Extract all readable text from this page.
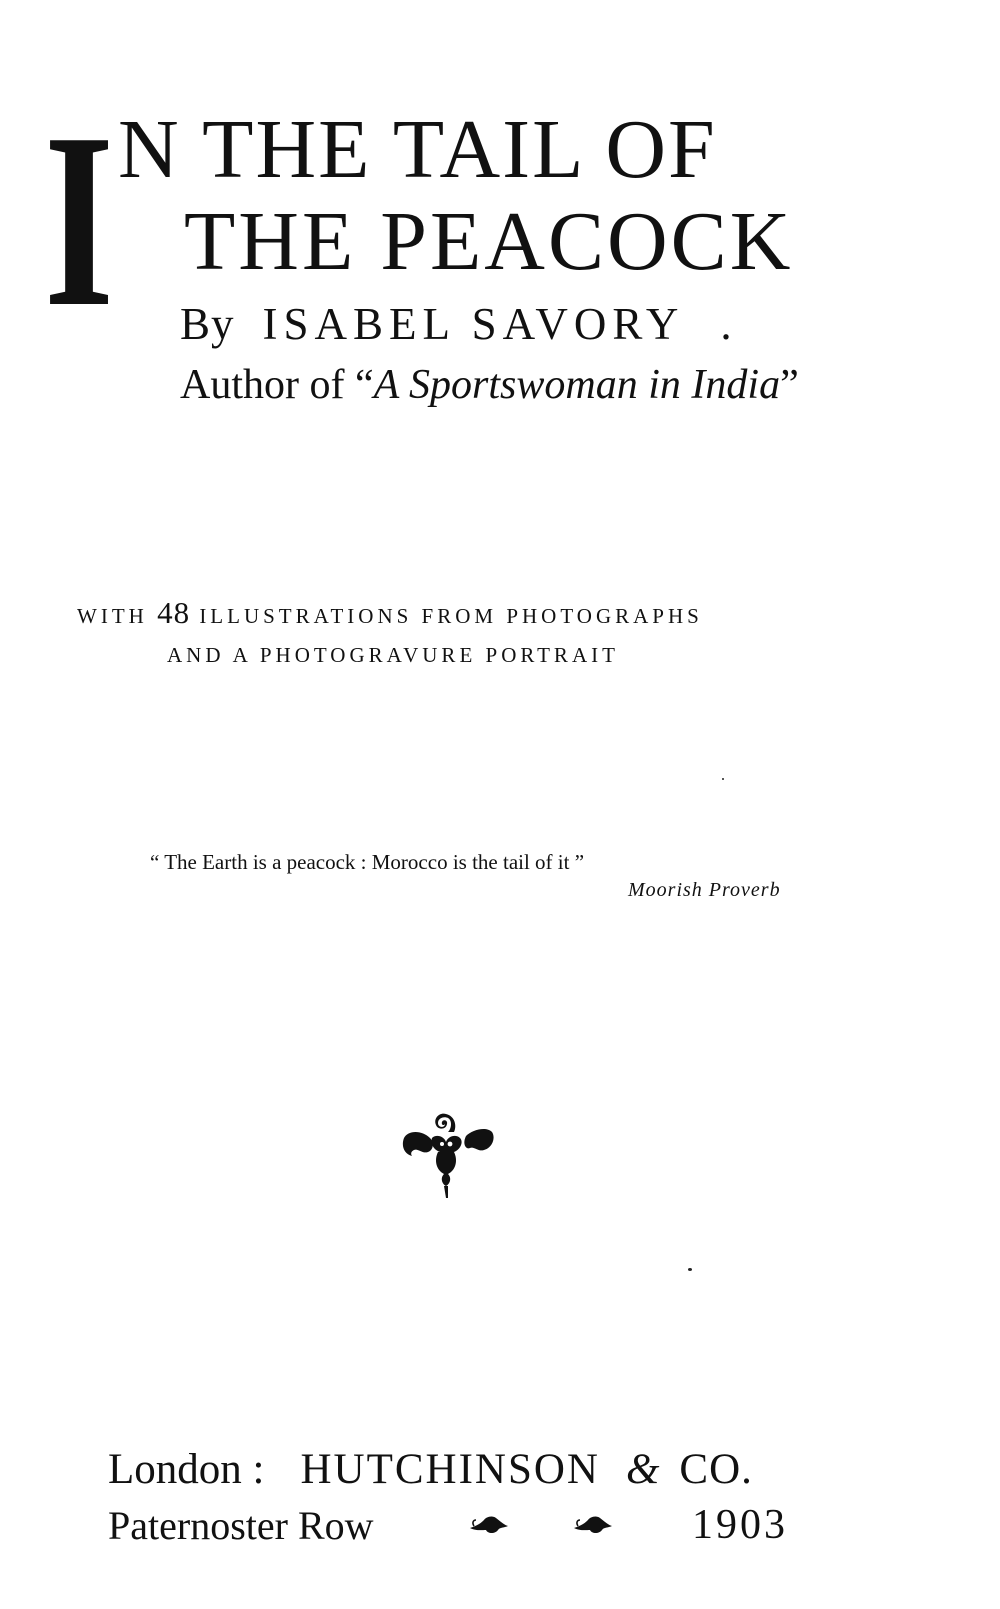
I N THE TAIL OF
THE PEACOCK
By ISABEL SAVORY .
Author of “A Sportswoman in India”
WITH 48 ILLUSTRATIONS FROM PHOTOGRAPHS
AND A PHOTOGRAVURE PORTRAIT
“ The Earth is a peacock : Morocco is the tail of it ”
Moorish Proverb
London : HUTCHINSON & CO.
Paternoster Row	1903
